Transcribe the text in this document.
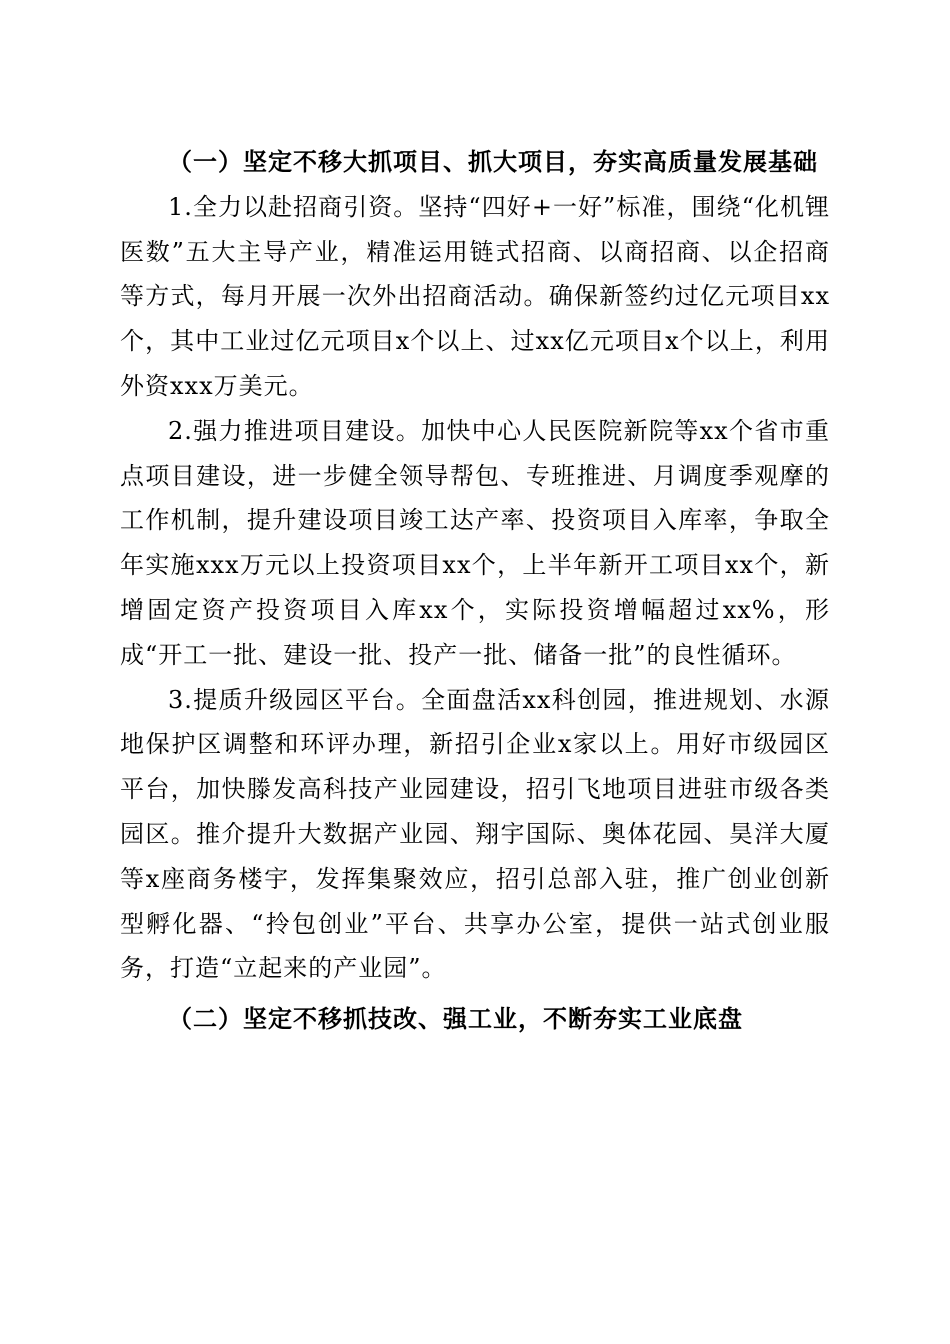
（一）坚定不移大抓项目、抓大项目，夯实高质量发展基础

1.全力以赴招商引资。坚持“四好+一好”标准，围绕“化机锂医数”五大主导产业，精准运用链式招商、以商招商、以企招商等方式，每月开展一次外出招商活动。确保新签约过亿元项目xx个，其中工业过亿元项目x个以上、过xx亿元项目x个以上，利用外资xxx万美元。

2.强力推进项目建设。加快中心人民医院新院等xx个省市重点项目建设，进一步健全领导帮包、专班推进、月调度季观摩的工作机制，提升建设项目竣工达产率、投资项目入库率，争取全年实施xxx万元以上投资项目xx个，上半年新开工项目xx个，新增固定资产投资项目入库xx个，实际投资增幅超过xx%，形成“开工一批、建设一批、投产一批、储备一批”的良性循环。

3.提质升级园区平台。全面盘活xx科创园，推进规划、水源地保护区调整和环评办理，新招引企业x家以上。用好市级园区平台，加快滕发高科技产业园建设，招引飞地项目进驻市级各类园区。推介提升大数据产业园、翔宇国际、奥体花园、昊洋大厦等x座商务楼宇，发挥集聚效应，招引总部入驻，推广创业创新型孵化器、“拎包创业”平台、共享办公室，提供一站式创业服务，打造“立起来的产业园”。

（二）坚定不移抓技改、强工业，不断夯实工业底盘
